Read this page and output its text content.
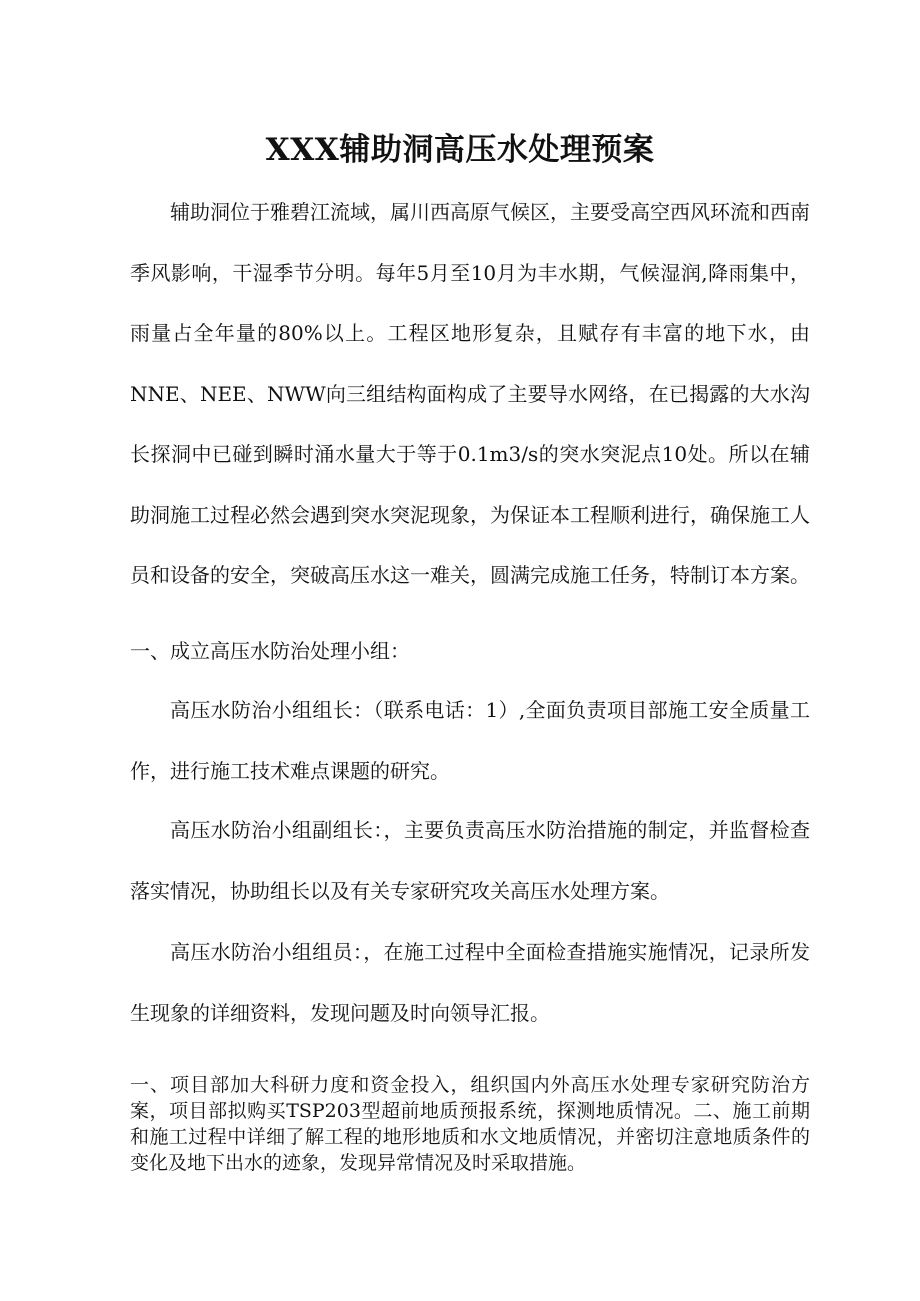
XXX辅助洞高压水处理预案

辅助洞位于雅碧江流域，属川西高原气候区，主要受高空西风环流和西南季风影响，干湿季节分明。每年5月至10月为丰水期，气候湿润,降雨集中，雨量占全年量的80%以上。工程区地形复杂，且赋存有丰富的地下水，由NNE、NEE、NWW向三组结构面构成了主要导水网络，在已揭露的大水沟长探洞中已碰到瞬时涌水量大于等于0.1m3/s的突水突泥点10处。所以在辅助洞施工过程必然会遇到突水突泥现象，为保证本工程顺利进行，确保施工人员和设备的安全，突破高压水这一难关，圆满完成施工任务，特制订本方案。

一、成立高压水防治处理小组：

高压水防治小组组长：（联系电话：1）,全面负责项目部施工安全质量工作，进行施工技术难点课题的研究。

高压水防治小组副组长：，主要负责高压水防治措施的制定，并监督检查落实情况，协助组长以及有关专家研究攻关高压水处理方案。

高压水防治小组组员：，在施工过程中全面检查措施实施情况，记录所发生现象的详细资料，发现问题及时向领导汇报。

一、项目部加大科研力度和资金投入，组织国内外高压水处理专家研究防治方案，项目部拟购买TSP203型超前地质预报系统，探测地质情况。二、施工前期和施工过程中详细了解工程的地形地质和水文地质情况，并密切注意地质条件的变化及地下出水的迹象，发现异常情况及时采取措施。
